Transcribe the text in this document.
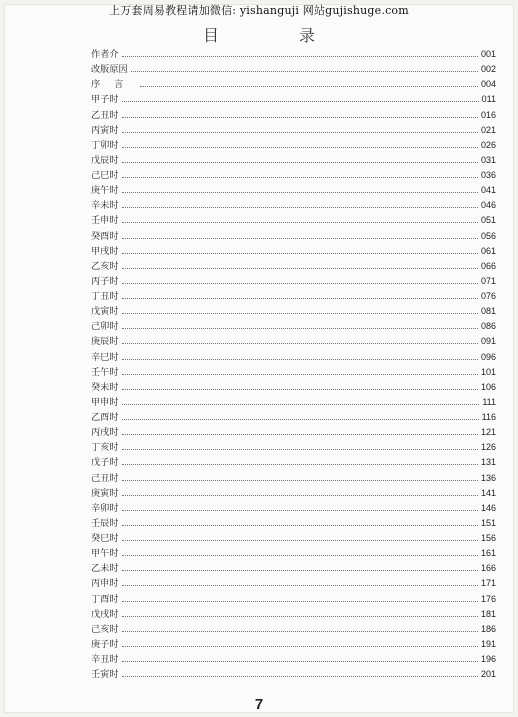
上万套周易教程请加微信: yishanguji 网站gujishuge.com
目	录
作者介	001
改版原因	002
序言	004
甲子时	011
乙丑时	016
丙寅时	021
丁卯时	026
戊辰时	031
己巳时	036
庚午时	041
辛未时	046
壬申时	051
癸酉时	056
甲戌时	061
乙亥时	066
丙子时	071
丁丑时	076
戊寅时	081
己卯时	086
庚辰时	091
辛巳时	096
壬午时	101
癸未时	106
甲申时	111
乙酉时	116
丙戌时	121
丁亥时	126
戊子时	131
己丑时	136
庚寅时	141
辛卯时	146
壬辰时	151
癸巳时	156
甲午时	161
乙未时	166
丙申时	171
丁酉时	176
戊戌时	181
己亥时	186
庚子时	191
辛丑时	196
壬寅时	201
7
